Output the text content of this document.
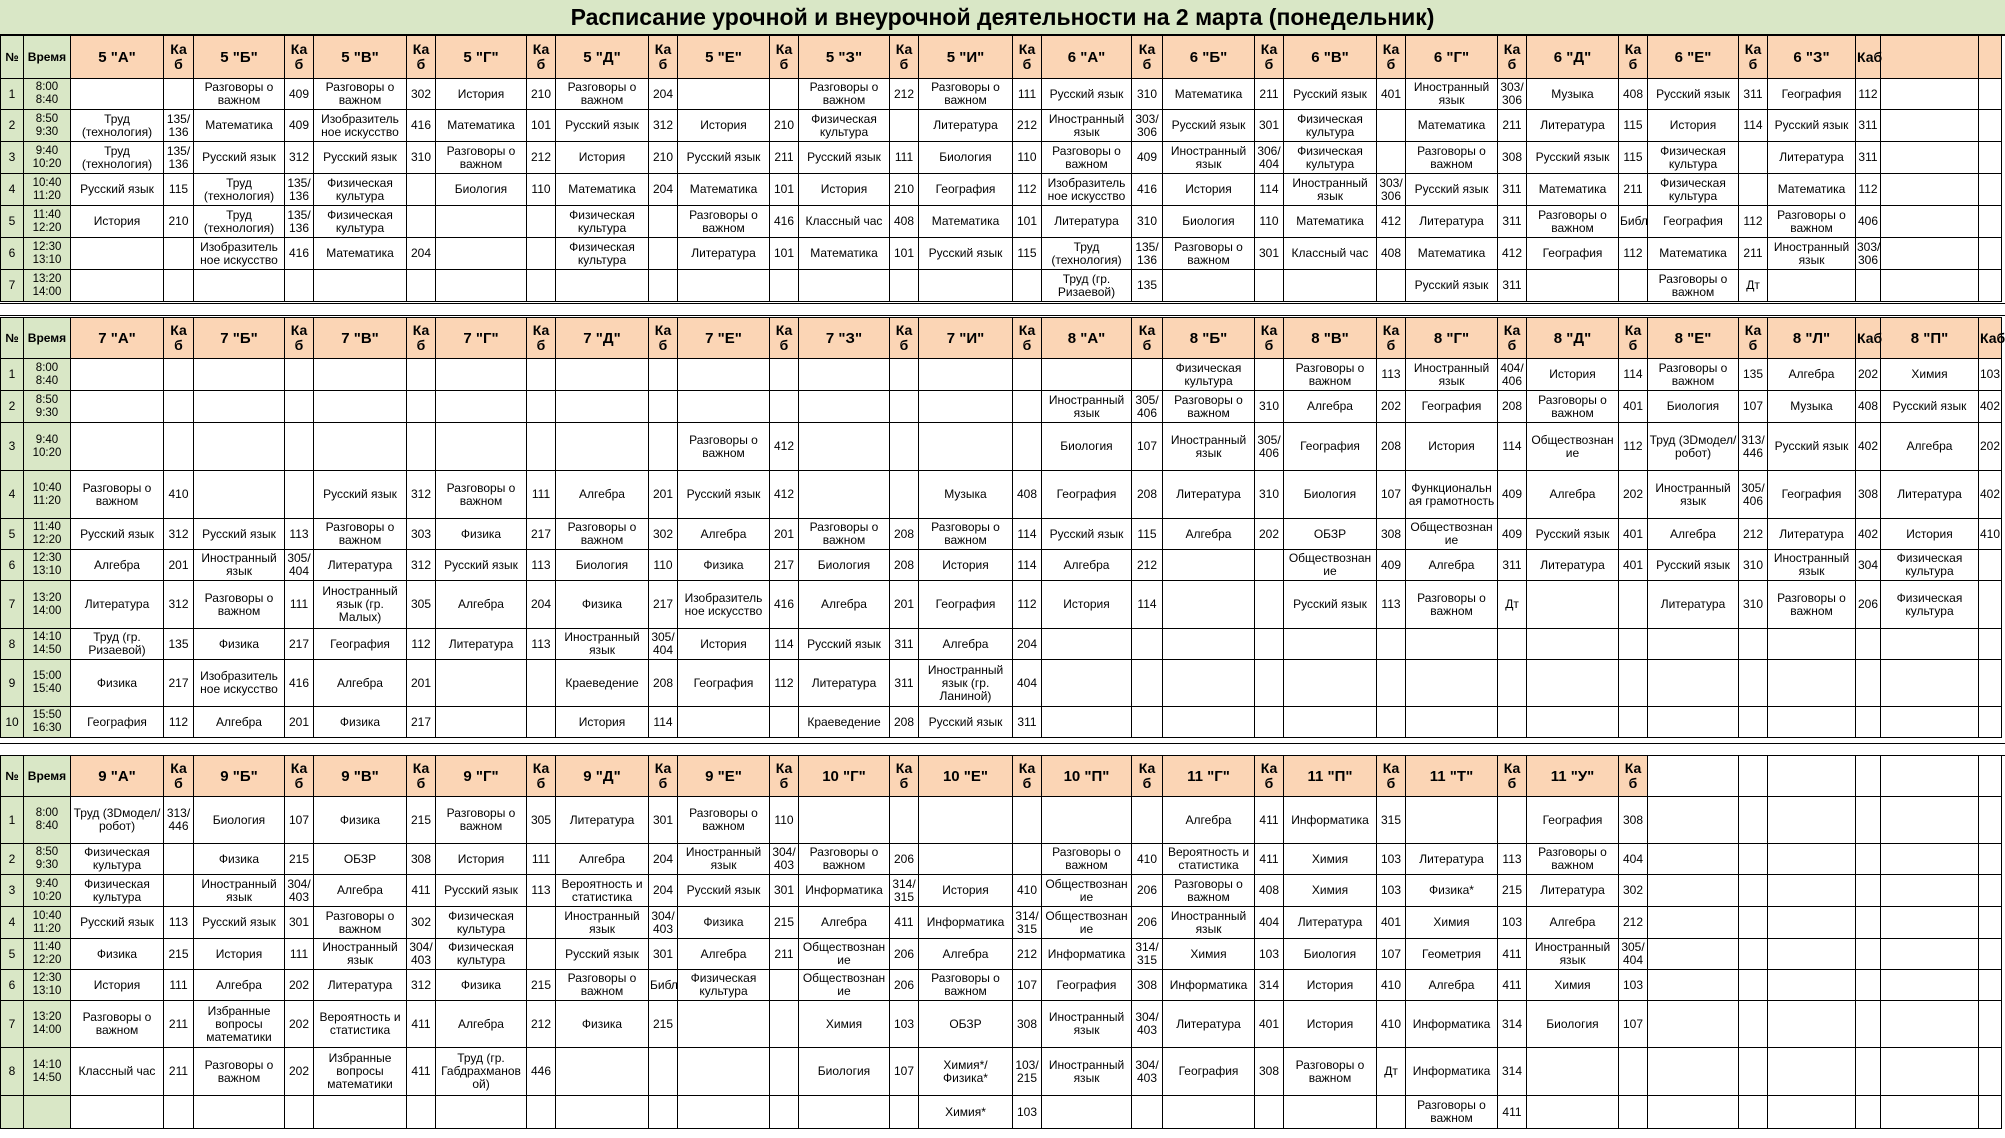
Расписание урочной и внеурочной деятельности на 2 марта (понедельник)
№	Время	5 "А"	Ка б	5 "Б"	Ка б	5 "В"	Ка б	5 "Г"	Ка б	5 "Д"	Ка б	5 "Е"	Ка б	5 "З"	Ка б	5 "И"	Ка б	6 "А"	Ка б	6 "Б"	Ка б	6 "В"	Ка б	6 "Г"	Ка б	6 "Д"	Ка б	6 "Е"	Ка б	6 "З"	Каб		
1	8:00 8:40			Разговоры о важном	409	Разговоры о важном	302	История	210	Разговоры о важном	204			Разговоры о важном	212	Разговоры о важном	111	Русский язык	310	Математика	211	Русский язык	401	Иностранный язык	303/ 306	Музыка	408	Русский язык	311	География	112		
2	8:50 9:30	Труд (технология)	135/ 136	Математика	409	Изобразитель ное искусство	416	Математика	101	Русский язык	312	История	210	Физическая культура		Литература	212	Иностранный язык	303/ 306	Русский язык	301	Физическая культура		Математика	211	Литература	115	История	114	Русский язык	311		
3	9:40 10:20	Труд (технология)	135/ 136	Русский язык	312	Русский язык	310	Разговоры о важном	212	История	210	Русский язык	211	Русский язык	111	Биология	110	Разговоры о важном	409	Иностранный язык	306/ 404	Физическая культура		Разговоры о важном	308	Русский язык	115	Физическая культура		Литература	311		
4	10:40 11:20	Русский язык	115	Труд (технология)	135/ 136	Физическая культура		Биология	110	Математика	204	Математика	101	История	210	География	112	Изобразитель ное искусство	416	История	114	Иностранный язык	303/ 306	Русский язык	311	Математика	211	Физическая культура		Математика	112		
5	11:40 12:20	История	210	Труд (технология)	135/ 136	Физическая культура				Физическая культура		Разговоры о важном	416	Классный час	408	Математика	101	Литература	310	Биология	110	Математика	412	Литература	311	Разговоры о важном	Библ	География	112	Разговоры о важном	406		
6	12:30 13:10			Изобразитель ное искусство	416	Математика	204			Физическая культура		Литература	101	Математика	101	Русский язык	115	Труд (технология)	135/ 136	Разговоры о важном	301	Классный час	408	Математика	412	География	112	Математика	211	Иностранный язык	303/ 306		
7	13:20 14:00																	Труд (гр. Ризаевой)	135					Русский язык	311			Разговоры о важном	Дт				
№	Время	7 "А"	Ка б	7 "Б"	Ка б	7 "В"	Ка б	7 "Г"	Ка б	7 "Д"	Ка б	7 "Е"	Ка б	7 "З"	Ка б	7 "И"	Ка б	8 "А"	Ка б	8 "Б"	Ка б	8 "В"	Ка б	8 "Г"	Ка б	8 "Д"	Ка б	8 "Е"	Ка б	8 "Л"	Каб	8 "П"	Каб
1	8:00 8:40																			Физическая культура		Разговоры о важном	113	Иностранный язык	404/ 406	История	114	Разговоры о важном	135	Алгебра	202	Химия	103
2	8:50 9:30																	Иностранный язык	305/ 406	Разговоры о важном	310	Алгебра	202	География	208	Разговоры о важном	401	Биология	107	Музыка	408	Русский язык	402
3	9:40 10:20											Разговоры о важном	412					Биология	107	Иностранный язык	305/ 406	География	208	История	114	Обществознан ие	112	Труд (3Dмодел/ робот)	313/ 446	Русский язык	402	Алгебра	202
4	10:40 11:20	Разговоры о важном	410			Русский язык	312	Разговоры о важном	111	Алгебра	201	Русский язык	412			Музыка	408	География	208	Литература	310	Биология	107	Функциональн ая грамотность	409	Алгебра	202	Иностранный язык	305/ 406	География	308	Литература	402
5	11:40 12:20	Русский язык	312	Русский язык	113	Разговоры о важном	303	Физика	217	Разговоры о важном	302	Алгебра	201	Разговоры о важном	208	Разговоры о важном	114	Русский язык	115	Алгебра	202	ОБЗР	308	Обществознан ие	409	Русский язык	401	Алгебра	212	Литература	402	История	410
6	12:30 13:10	Алгебра	201	Иностранный язык	305/ 404	Литература	312	Русский язык	113	Биология	110	Физика	217	Биология	208	История	114	Алгебра	212			Обществознан ие	409	Алгебра	311	Литература	401	Русский язык	310	Иностранный язык	304	Физическая культура	
7	13:20 14:00	Литература	312	Разговоры о важном	111	Иностранный язык (гр. Малых)	305	Алгебра	204	Физика	217	Изобразитель ное искусство	416	Алгебра	201	География	112	История	114			Русский язык	113	Разговоры о важном	Дт			Литература	310	Разговоры о важном	206	Физическая культура	
8	14:10 14:50	Труд (гр. Ризаевой)	135	Физика	217	География	112	Литература	113	Иностранный язык	305/ 404	История	114	Русский язык	311	Алгебра	204																
9	15:00 15:40	Физика	217	Изобразитель ное искусство	416	Алгебра	201			Краеведение	208	География	112	Литература	311	Иностранный язык (гр. Ланиной)	404																
10	15:50 16:30	География	112	Алгебра	201	Физика	217			История	114			Краеведение	208	Русский язык	311																
№	Время	9 "А"	Ка б	9 "Б"	Ка б	9 "В"	Ка б	9 "Г"	Ка б	9 "Д"	Ка б	9 "Е"	Ка б	10 "Г"	Ка б	10 "Е"	Ка б	10 "П"	Ка б	11 "Г"	Ка б	11 "П"	Ка б	11 "Т"	Ка б	11 "У"	Ка б						
1	8:00 8:40	Труд (3Dмодел/ робот)	313/ 446	Биология	107	Физика	215	Разговоры о важном	305	Литература	301	Разговоры о важном	110							Алгебра	411	Информатика	315			География	308						
2	8:50 9:30	Физическая культура		Физика	215	ОБЗР	308	История	111	Алгебра	204	Иностранный язык	304/ 403	Разговоры о важном	206			Разговоры о важном	410	Вероятность и статистика	411	Химия	103	Литература	113	Разговоры о важном	404						
3	9:40 10:20	Физическая культура		Иностранный язык	304/ 403	Алгебра	411	Русский язык	113	Вероятность и статистика	204	Русский язык	301	Информатика	314/ 315	История	410	Обществознан ие	206	Разговоры о важном	408	Химия	103	Физика*	215	Литература	302						
4	10:40 11:20	Русский язык	113	Русский язык	301	Разговоры о важном	302	Физическая культура		Иностранный язык	304/ 403	Физика	215	Алгебра	411	Информатика	314/ 315	Обществознан ие	206	Иностранный язык	404	Литература	401	Химия	103	Алгебра	212						
5	11:40 12:20	Физика	215	История	111	Иностранный язык	304/ 403	Физическая культура		Русский язык	301	Алгебра	211	Обществознан ие	206	Алгебра	212	Информатика	314/ 315	Химия	103	Биология	107	Геометрия	411	Иностранный язык	305/ 404						
6	12:30 13:10	История	111	Алгебра	202	Литература	312	Физика	215	Разговоры о важном	Библ	Физическая культура		Обществознан ие	206	Разговоры о важном	107	География	308	Информатика	314	История	410	Алгебра	411	Химия	103						
7	13:20 14:00	Разговоры о важном	211	Избранные вопросы математики	202	Вероятность и статистика	411	Алгебра	212	Физика	215			Химия	103	ОБЗР	308	Иностранный язык	304/ 403	Литература	401	История	410	Информатика	314	Биология	107						
8	14:10 14:50	Классный час	211	Разговоры о важном	202	Избранные вопросы математики	411	Труд (гр. Габдрахманов ой)	446					Биология	107	Химия*/ Физика*	103/ 215	Иностранный язык	304/ 403	География	308	Разговоры о важном	Дт	Информатика	314								
																Химия*	103							Разговоры о важном	411								
